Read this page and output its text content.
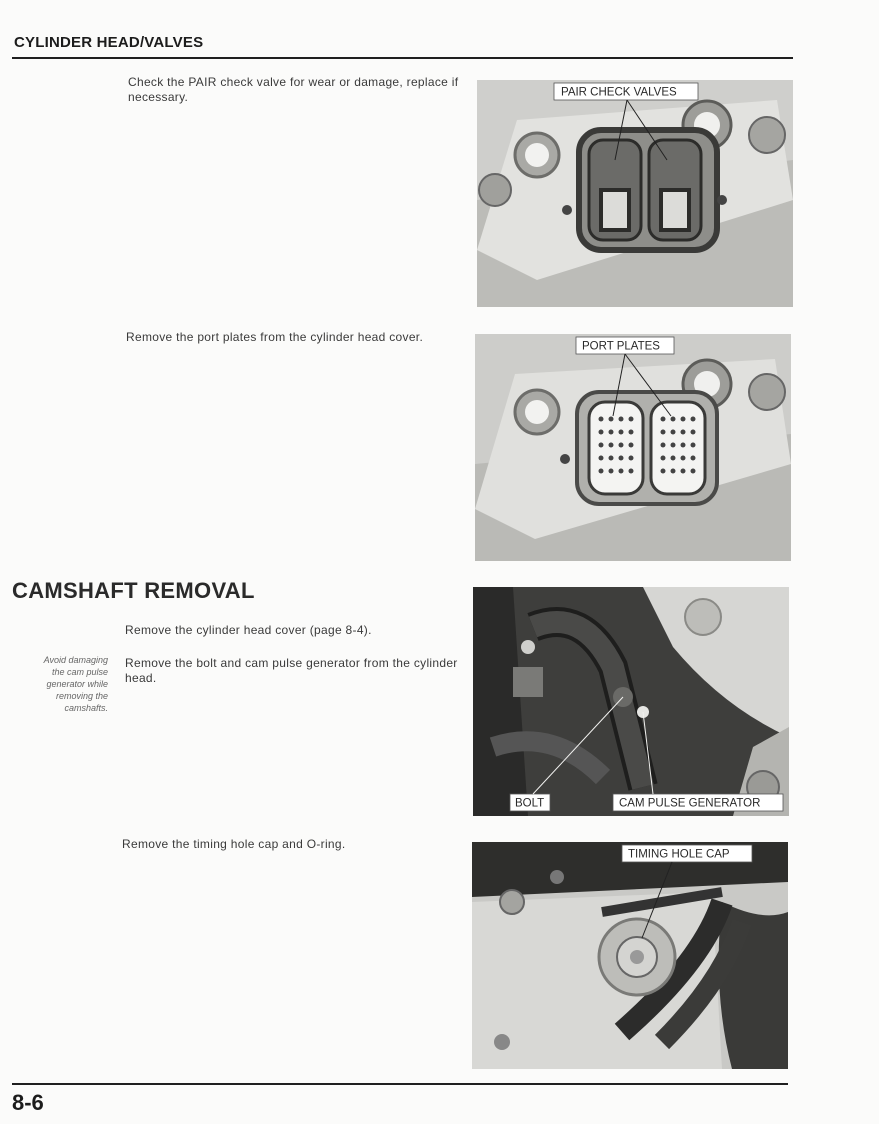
CYLINDER HEAD/VALVES
Check the PAIR check valve for wear or damage, replace if necessary.	PAIR CHECK VALVES
Remove the port plates from the cylinder head cover.
PORT PLATES
CAMSHAFT REMOVAL
Remove the cylinder head cover (page 8-4).
Avoid damaging
the cam pulse
generator while
removing the
camshafts.
Remove the bolt and cam pulse generator from the cylinder head.
BOLT	CAM PULSE GENERATOR
Remove the timing hole cap and O-ring.
TIMING HOLE CAP
8-6
